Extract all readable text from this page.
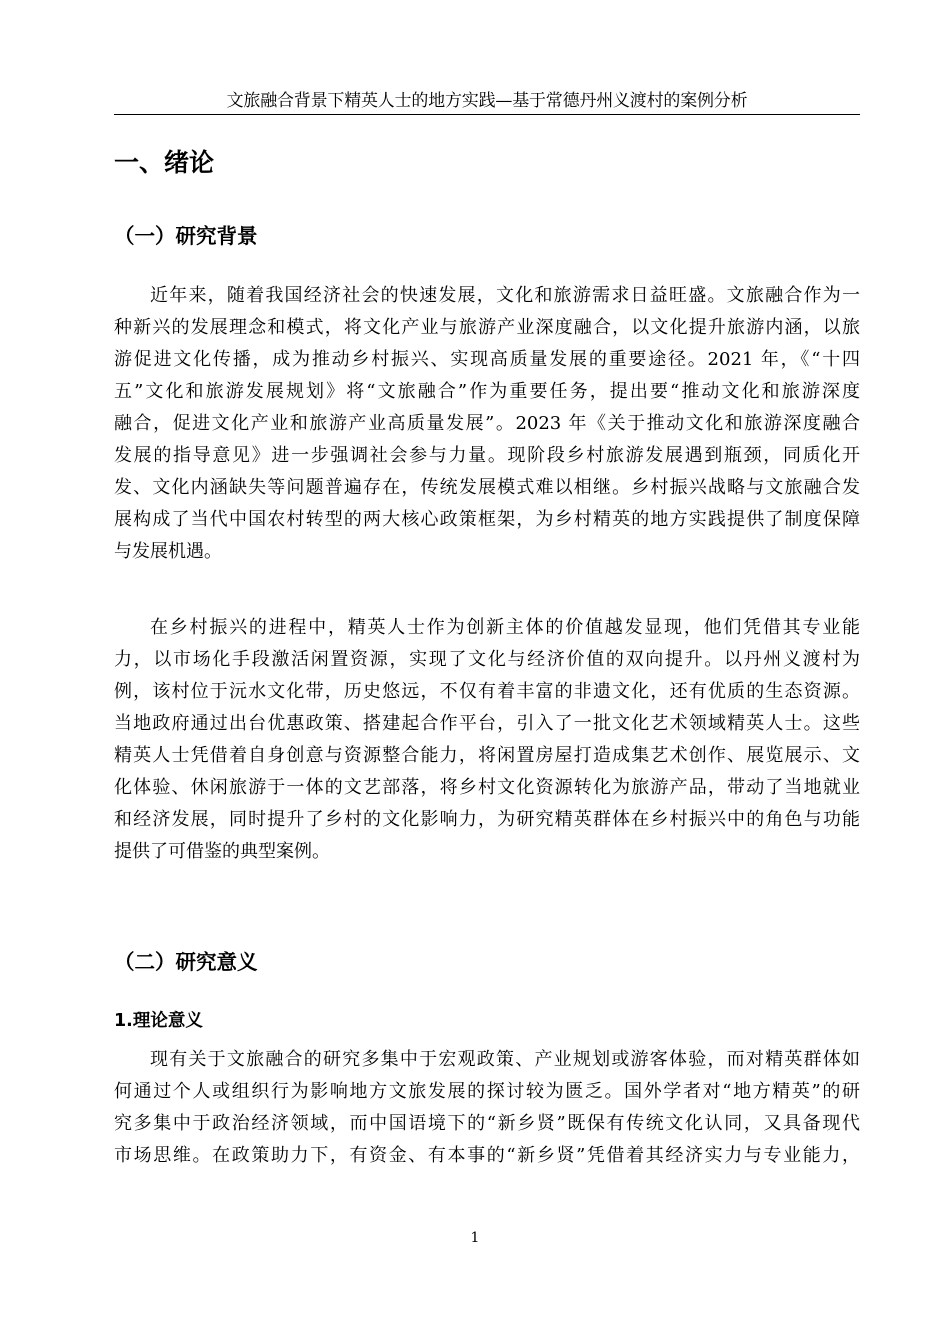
文旅融合背景下精英人士的地方实践—基于常德丹州义渡村的案例分析
一、绪论
（一）研究背景
近年来，随着我国经济社会的快速发展，文化和旅游需求日益旺盛。文旅融合作为一
种新兴的发展理念和模式，将文化产业与旅游产业深度融合，以文化提升旅游内涵，以旅
游促进文化传播，成为推动乡村振兴、实现高质量发展的重要途径。2021 年，《“十四
五”文化和旅游发展规划》将“文旅融合”作为重要任务，提出要“推动文化和旅游深度
融合，促进文化产业和旅游产业高质量发展”。2023 年《关于推动文化和旅游深度融合
发展的指导意见》进一步强调社会参与力量。现阶段乡村旅游发展遇到瓶颈，同质化开
发、文化内涵缺失等问题普遍存在，传统发展模式难以相继。乡村振兴战略与文旅融合发
展构成了当代中国农村转型的两大核心政策框架，为乡村精英的地方实践提供了制度保障
与发展机遇。
在乡村振兴的进程中，精英人士作为创新主体的价值越发显现，他们凭借其专业能
力，以市场化手段激活闲置资源，实现了文化与经济价值的双向提升。以丹州义渡村为
例，该村位于沅水文化带，历史悠远，不仅有着丰富的非遗文化，还有优质的生态资源。
当地政府通过出台优惠政策、搭建起合作平台，引入了一批文化艺术领域精英人士。这些
精英人士凭借着自身创意与资源整合能力，将闲置房屋打造成集艺术创作、展览展示、文
化体验、休闲旅游于一体的文艺部落，将乡村文化资源转化为旅游产品，带动了当地就业
和经济发展，同时提升了乡村的文化影响力，为研究精英群体在乡村振兴中的角色与功能
提供了可借鉴的典型案例。
（二）研究意义
1.理论意义
现有关于文旅融合的研究多集中于宏观政策、产业规划或游客体验，而对精英群体如
何通过个人或组织行为影响地方文旅发展的探讨较为匮乏。国外学者对“地方精英”的研
究多集中于政治经济领域，而中国语境下的“新乡贤”既保有传统文化认同，又具备现代
市场思维。在政策助力下，有资金、有本事的“新乡贤”凭借着其经济实力与专业能力，
1
